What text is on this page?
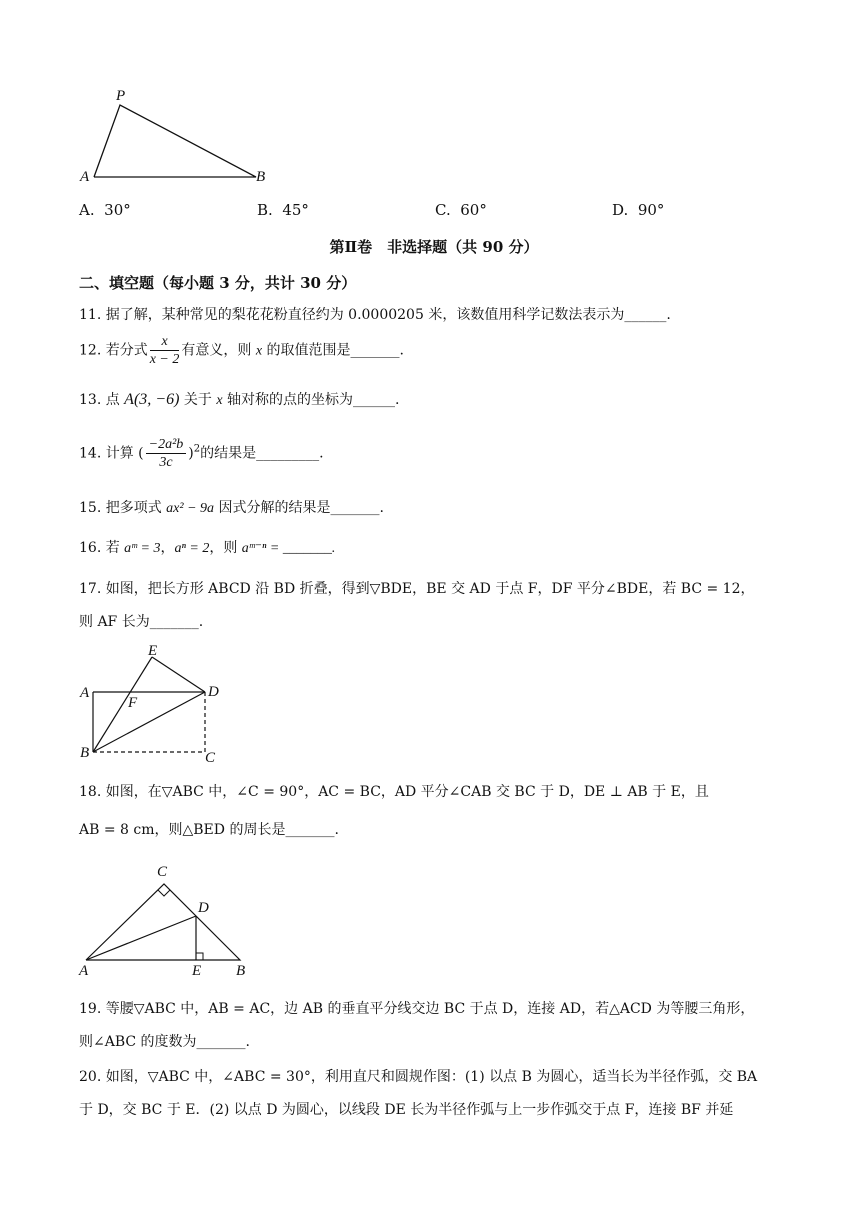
P
A	B
A. 30°	B. 45°	C. 60°	D. 90°
第Ⅱ卷　非选择题（共 90 分）
二、填空题（每小题 3 分，共计 30 分）
11. 据了解，某种常见的梨花花粉直径约为 0.0000205 米，该数值用科学记数法表示为______.
12. 若分式 $\frac{x}{x - 2}$ 有意义，则 x 的取值范围是_______.
13. 点 A(3, −6) 关于 x 轴对称的点的坐标为______.
14. 计算 ( $\frac{\text{−2a²b}}{3c} )^2$的结果是_________.
15. 把多项式 ax² − 9a 因式分解的结果是_______.
16. 若 aᵐ = 3，aⁿ = 2，则 aᵐ⁻ⁿ = _______.
17. 如图，把长方形 ABCD 沿 BD 折叠，得到▽BDE，BE 交 AD 于点 F，DF 平分∠BDE，若 BC = 12，
则 AF 长为_______.
E
A
F
D
B	C
18. 如图，在▽ABC 中，∠C = 90°，AC = BC，AD 平分∠CAB 交 BC 于 D，DE ⊥ AB 于 E，且
AB = 8 cm，则△BED 的周长是_______.
C
D
A	E B
19. 等腰▽ABC 中，AB = AC，边 AB 的垂直平分线交边 BC 于点 D，连接 AD，若△ACD 为等腰三角形，
则∠ABC 的度数为_______.
20. 如图，▽ABC 中，∠ABC = 30°，利用直尺和圆规作图：(1) 以点 B 为圆心，适当长为半径作弧，交 BA
于 D，交 BC 于 E．(2) 以点 D 为圆心，以线段 DE 长为半径作弧与上一步作弧交于点 F，连接 BF 并延
